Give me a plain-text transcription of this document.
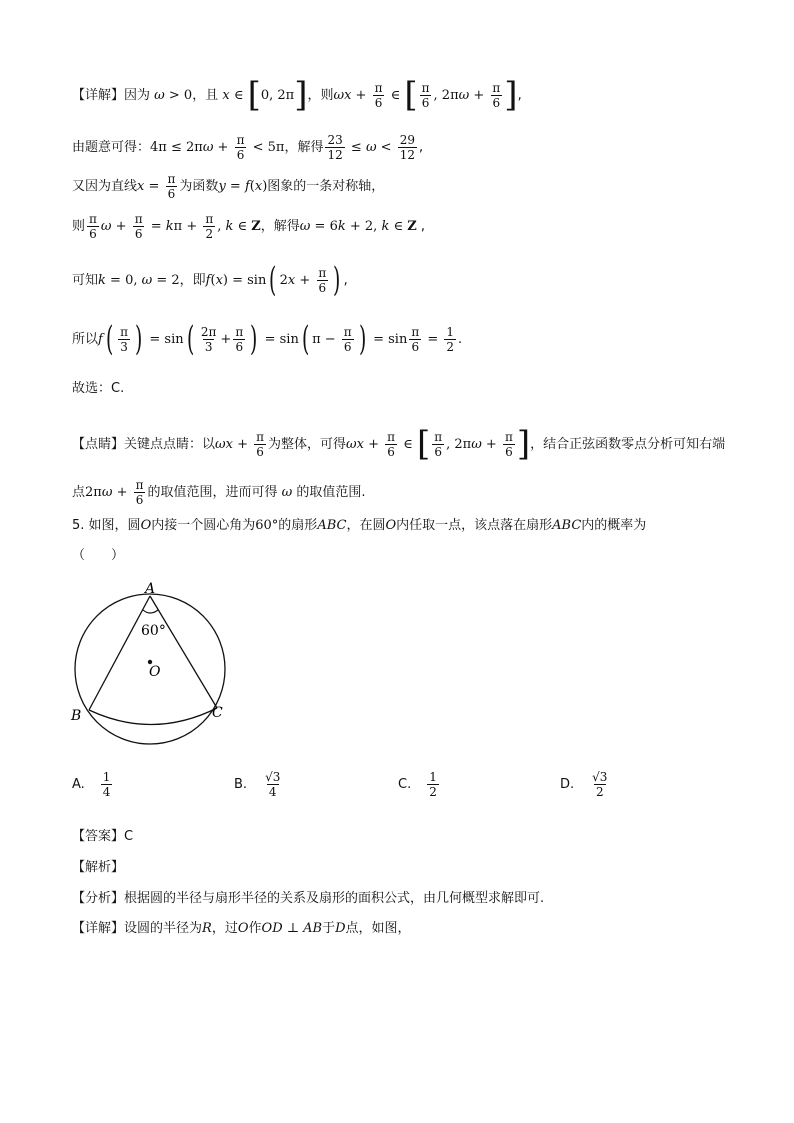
【详解】 因为 ω > 0 ，且 x ∈ [ 0, 2π ] ，则 $\omega x + \frac{\pi}{6}$ ∈ [ $\frac{\pi}{6}$ , 2π $\omega + \frac{\pi}{6}$ ] ,
由题意可得： 4π ≤ 2π $\omega + \frac{\pi}{6} < 5\pi$ ，解得 $\frac{23}{12} \le \omega < \frac{29}{12}$ ,
又因为直线 $x = \frac{\pi}{6}$ 为函数 y = f ( x ) 图象的一条对称轴，
则 $\frac{\pi}{6}$ $\omega + \frac{\pi}{6} = k$ $\pi + \frac{\pi}{2}$ , k ∈ Z ，解得 ω = 6 k + 2, k ∈ Z ,
可知 k = 0, ω = 2 ，即 f ( x ) = sin ( 2 $x + \frac{\pi}{6}$ ) ,
所以 f ( $\frac{\pi}{3}$ ) = sin ( $\frac{2\pi}{3} + \frac{\pi}{6}$ ) = sin ( $\pi - \frac{\pi}{6}$ ) = $\sin \frac{\pi}{6} = \frac{1}{2}$ .
故选：C.
【点睛】 关键点点睛：以 $\omega x + \frac{\pi}{6}$ 为整体，可得 $\omega x + \frac{\pi}{6}$ ∈ [ $\frac{\pi}{6}$ , 2π $\omega + \frac{\pi}{6}$ ] ，结合正弦函数零点分析可知右端
点 2π $\omega + \frac{\pi}{6}$ 的取值范围，进而可得 ω 的取值范围.
5.
如图，圆 O 内接一个圆心角为 60° 的扇形 ABC ，在圆 O 内任取一点，该点落在扇形 ABC 内的概率为
（　　）
A
60°
O
B	C
A. $\frac{1}{4}$	B. $\frac{√3}{4}$	C. $\frac{1}{2}$	D. $\frac{√3}{2}$
【答案】 C
【解析】
【分析】 根据圆的半径与扇形半径的关系及扇形的面积公式，由几何概型求解即可.
【详解】 设圆的半径为 R ，过 O 作 OD
⊥
AB 于 D 点，如图，
